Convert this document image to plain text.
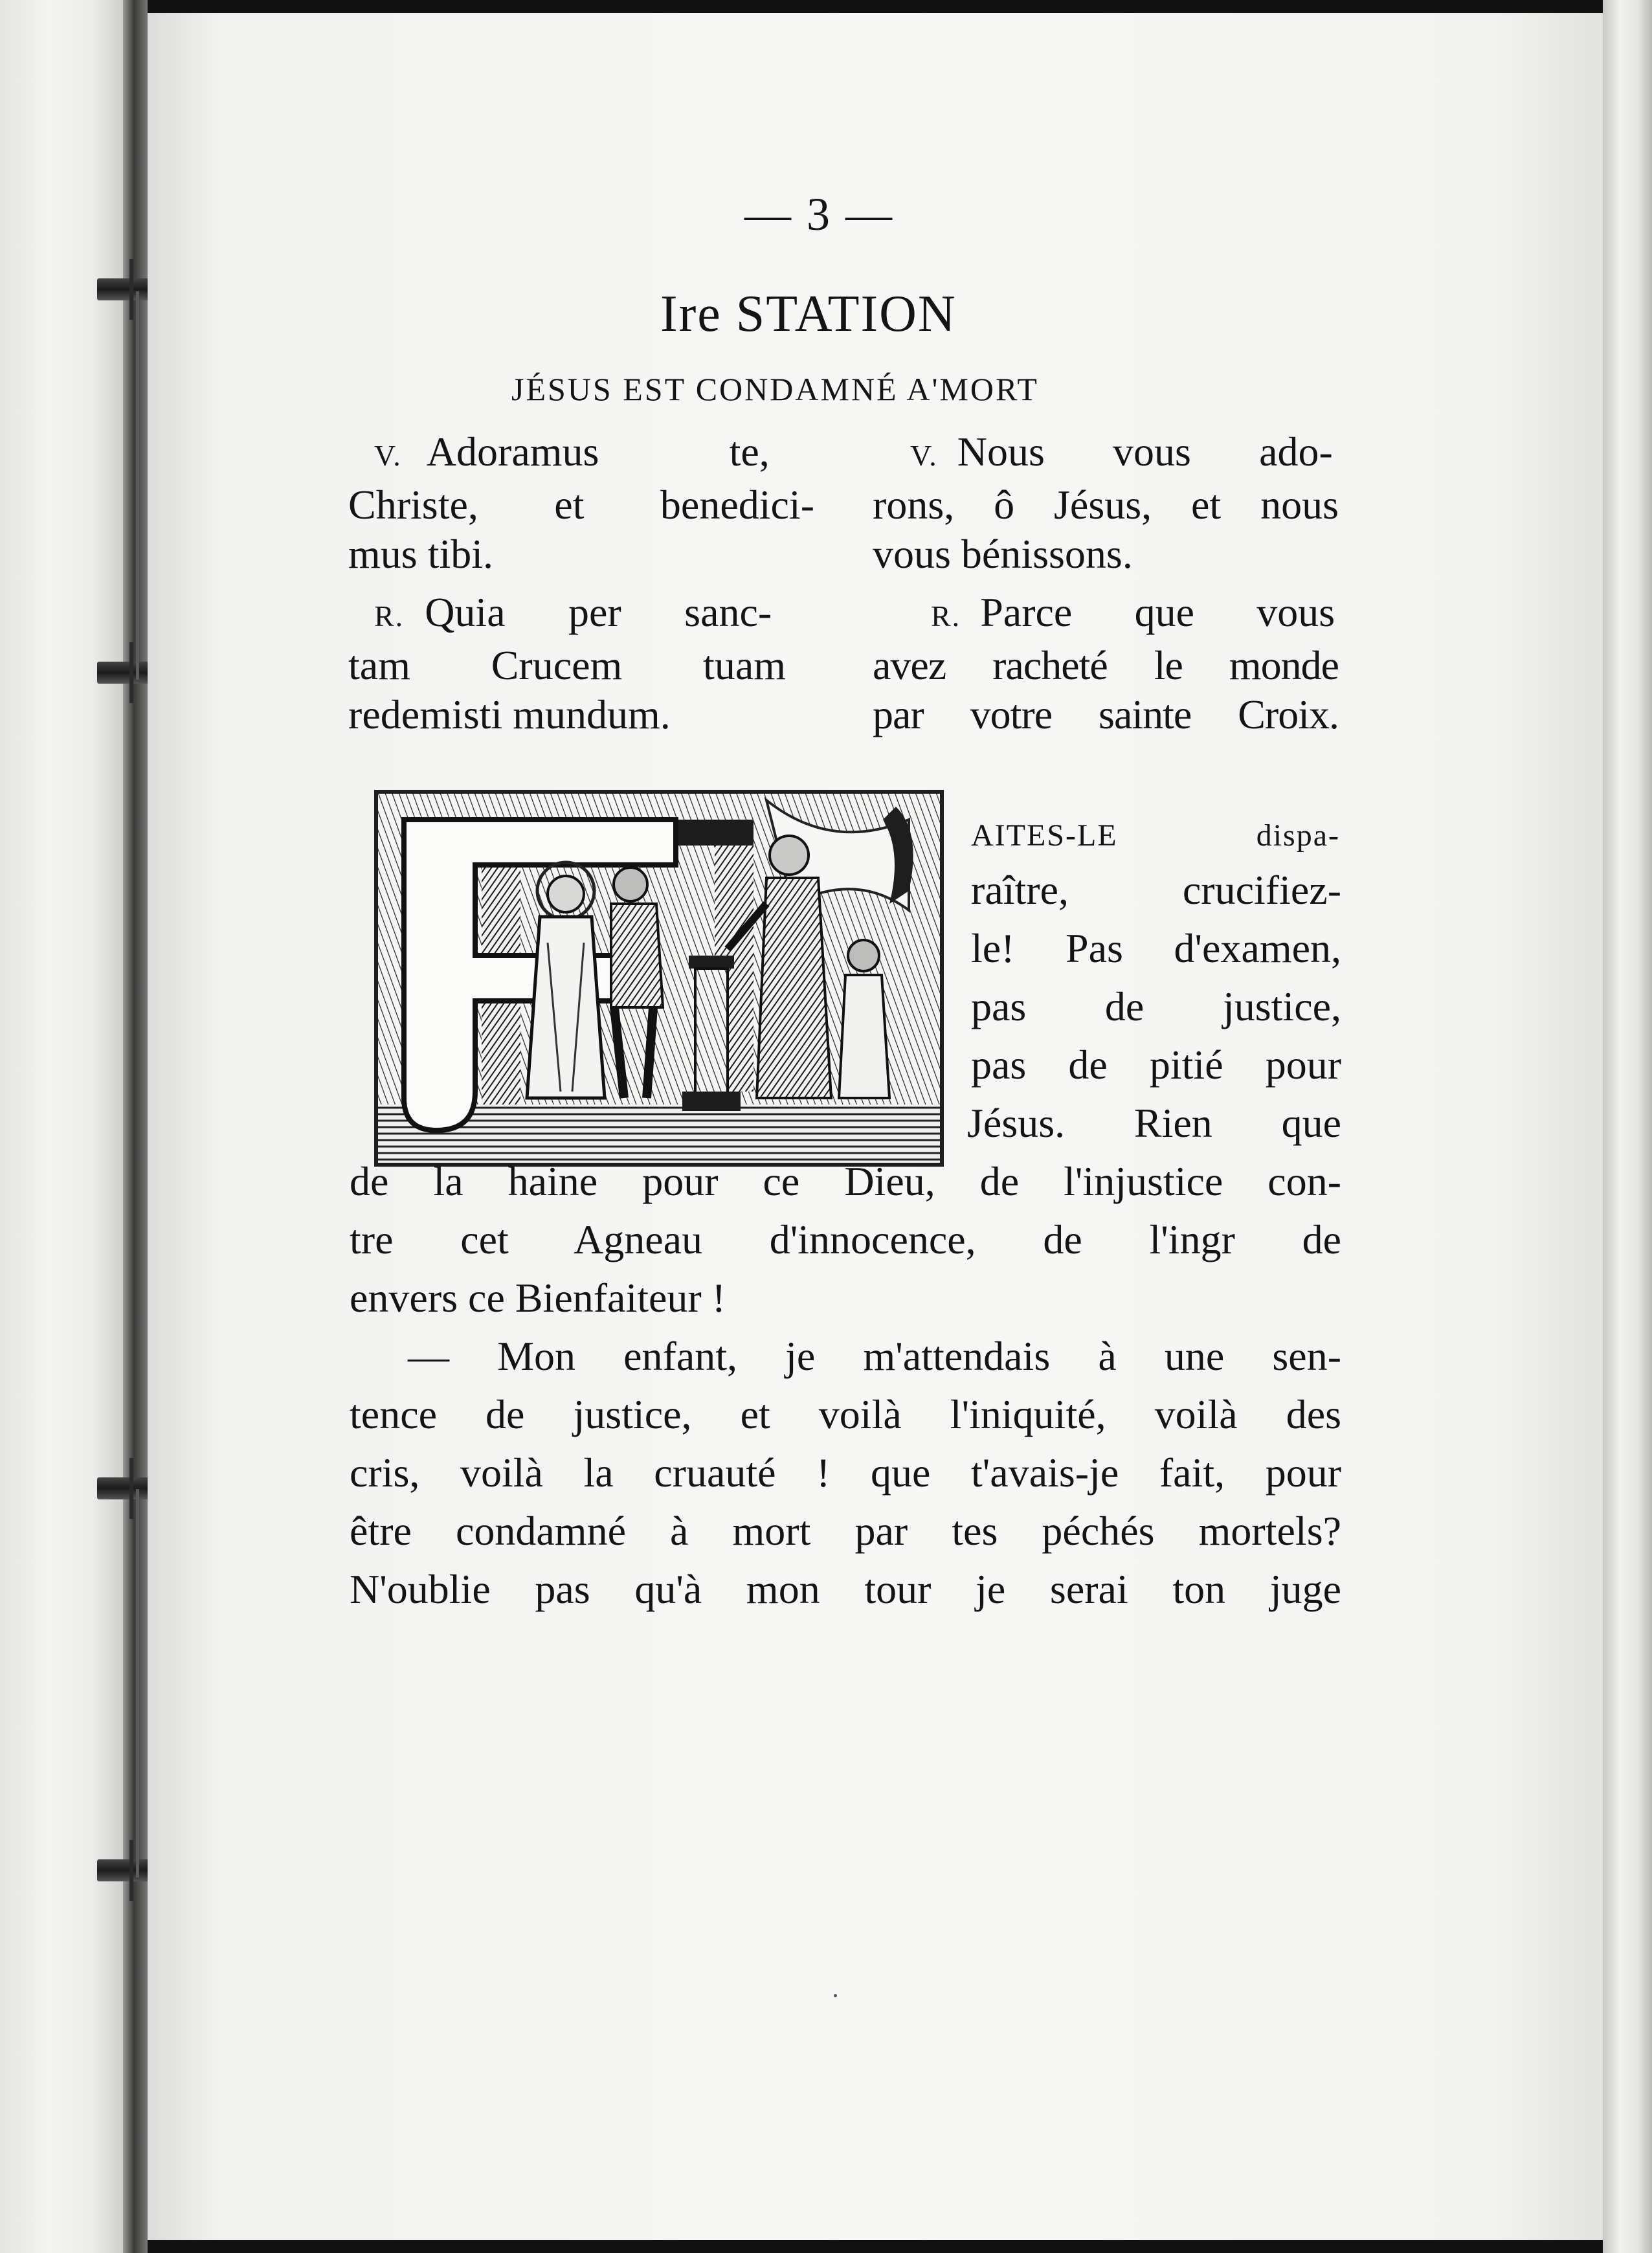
— 3 —
Ire STATION
JÉSUS EST CONDAMNÉ A'MORT
V. Adoramus te,
Christe, et benedici-
mus tibi.
R. Quia per sanc-
tam Crucem tuam
redemisti mundum.
V. Nous vous ado-
rons, ô Jésus, et nous
vous bénissons.
R. Parce que vous
avez racheté le monde
par votre sainte Croix.
AITES-LE dispa-
raître, crucifiez-
le! Pas d'examen,
pas de justice,
pas de pitié pour
Jésus. Rien que
de la haine pour ce Dieu, de l'injustice con-
tre cet Agneau d'innocence, de l'ingr de
envers ce Bienfaiteur !
— Mon enfant, je m'attendais à une sen-
tence de justice, et voilà l'iniquité, voilà des
cris, voilà la cruauté ! que t'avais-je fait, pour
être condamné à mort par tes péchés mortels?
N'oublie pas qu'à mon tour je serai ton juge
